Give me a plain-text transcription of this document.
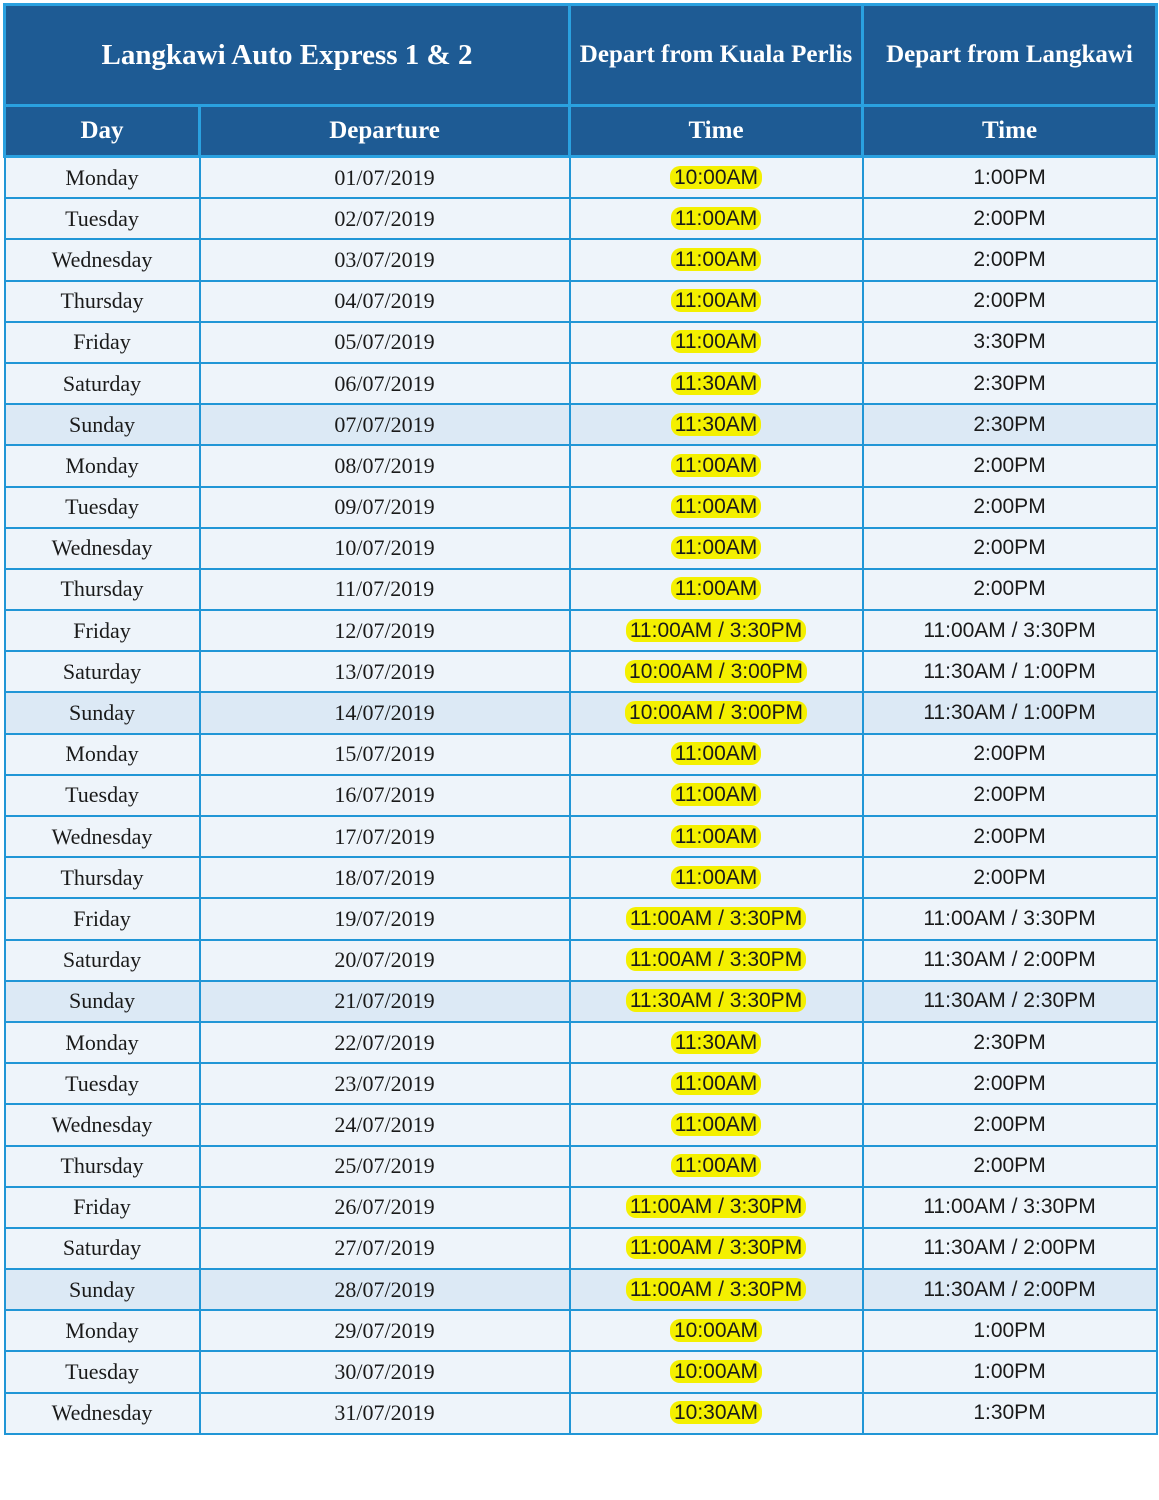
Langkawi Auto Express 1 & 2		Depart from Kuala Perlis	Depart from Langkawi
Day	Departure	Time	Time
Monday	01/07/2019	10:00AM	1:00PM
Tuesday	02/07/2019	11:00AM	2:00PM
Wednesday	03/07/2019	11:00AM	2:00PM
Thursday	04/07/2019	11:00AM	2:00PM
Friday	05/07/2019	11:00AM	3:30PM
Saturday	06/07/2019	11:30AM	2:30PM
Sunday	07/07/2019	11:30AM	2:30PM
Monday	08/07/2019	11:00AM	2:00PM
Tuesday	09/07/2019	11:00AM	2:00PM
Wednesday	10/07/2019	11:00AM	2:00PM
Thursday	11/07/2019	11:00AM	2:00PM
Friday	12/07/2019	11:00AM / 3:30PM	11:00AM / 3:30PM
Saturday	13/07/2019	10:00AM / 3:00PM	11:30AM / 1:00PM
Sunday	14/07/2019	10:00AM / 3:00PM	11:30AM / 1:00PM
Monday	15/07/2019	11:00AM	2:00PM
Tuesday	16/07/2019	11:00AM	2:00PM
Wednesday	17/07/2019	11:00AM	2:00PM
Thursday	18/07/2019	11:00AM	2:00PM
Friday	19/07/2019	11:00AM / 3:30PM	11:00AM / 3:30PM
Saturday	20/07/2019	11:00AM / 3:30PM	11:30AM / 2:00PM
Sunday	21/07/2019	11:30AM / 3:30PM	11:30AM / 2:30PM
Monday	22/07/2019	11:30AM	2:30PM
Tuesday	23/07/2019	11:00AM	2:00PM
Wednesday	24/07/2019	11:00AM	2:00PM
Thursday	25/07/2019	11:00AM	2:00PM
Friday	26/07/2019	11:00AM / 3:30PM	11:00AM / 3:30PM
Saturday	27/07/2019	11:00AM / 3:30PM	11:30AM / 2:00PM
Sunday	28/07/2019	11:00AM / 3:30PM	11:30AM / 2:00PM
Monday	29/07/2019	10:00AM	1:00PM
Tuesday	30/07/2019	10:00AM	1:00PM
Wednesday	31/07/2019	10:30AM	1:30PM
